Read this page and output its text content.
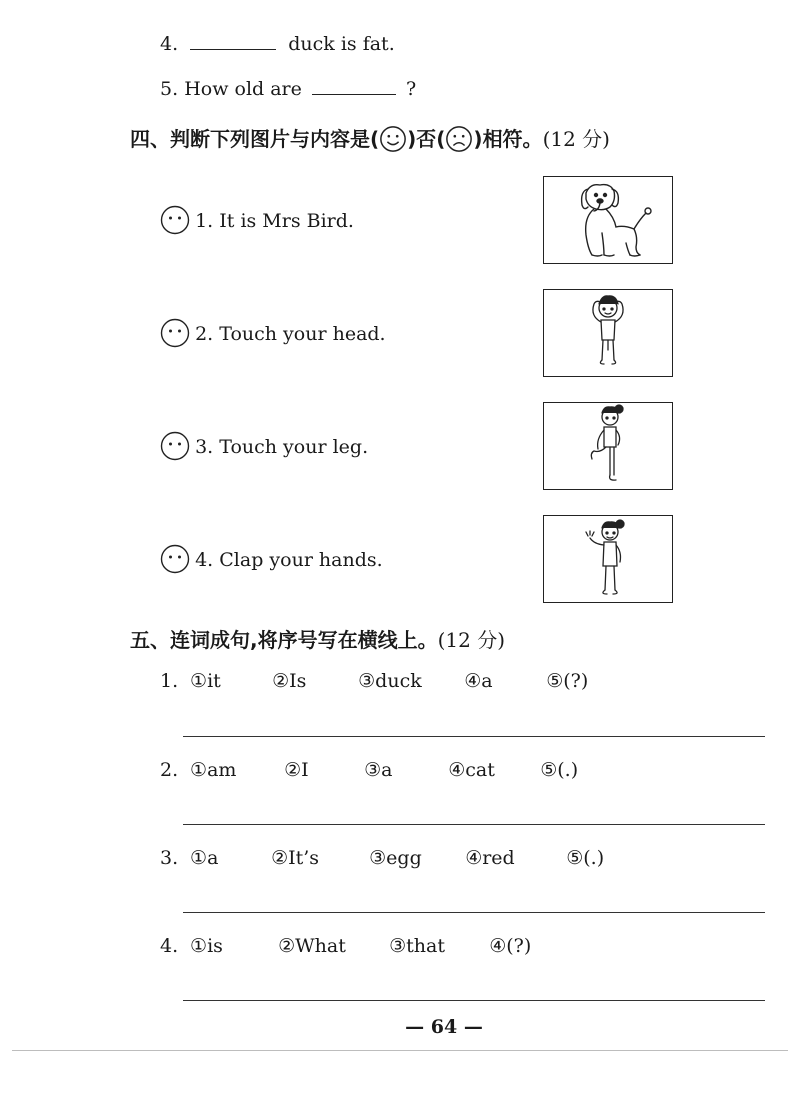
4.	duck is fat.
5. How old are	?
四、判断下列图片与内容是( )否( )相符。(12 分)
1. It is Mrs Bird.
2. Touch your head.
3. Touch your leg.
4. Clap your hands.
五、连词成句,将序号写在横线上。(12 分)
1. ①it	②Is	③duck ④a	⑤(?)
2. ①am	②I	③a	④cat ⑤(.)
3. ①a	②It’s	③egg ④red	⑤(.)
4. ①is	②What ③that ④(?)
— 64 —
